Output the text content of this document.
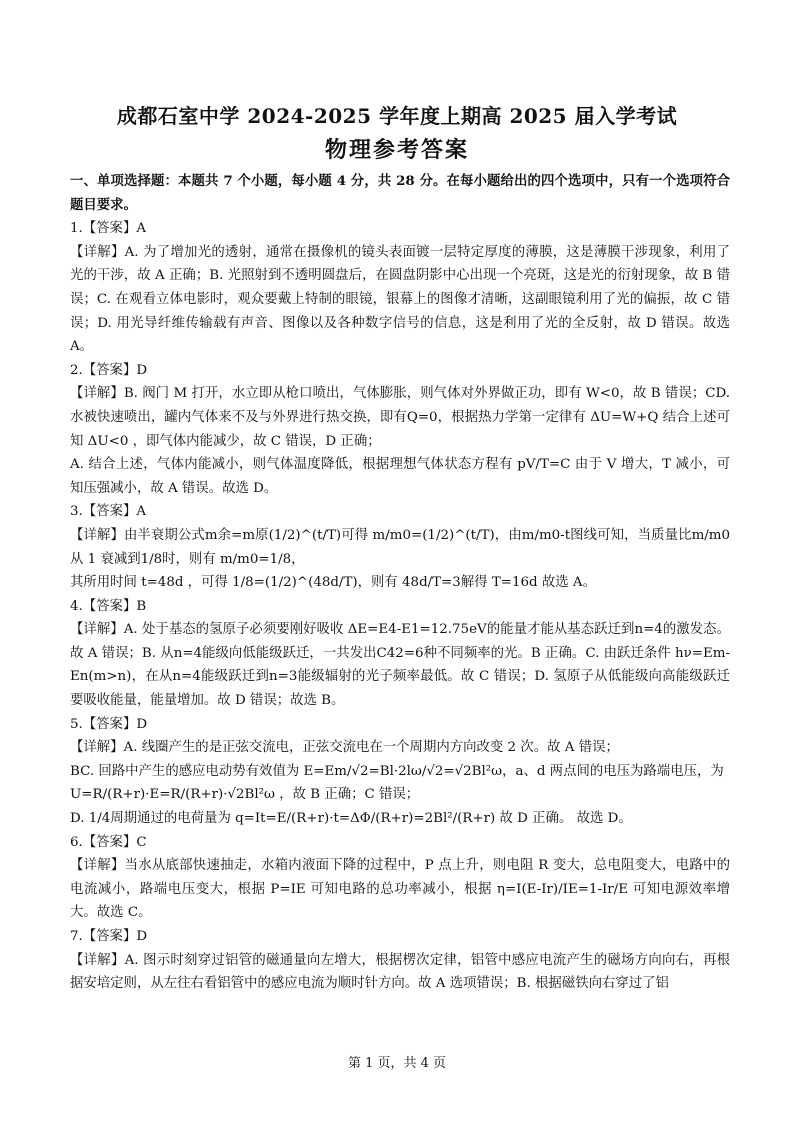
成都石室中学 2024-2025 学年度上期高 2025 届入学考试
物理参考答案

一、单项选择题：本题共 7 个小题，每小题 4 分，共 28 分。在每小题给出的四个选项中，只有一个选项符合题目要求。

1.【答案】A

【详解】A. 为了增加光的透射，通常在摄像机的镜头表面镀一层特定厚度的薄膜，这是薄膜干涉现象，利用了光的干涉，故 A 正确；B. 光照射到不透明圆盘后，在圆盘阴影中心出现一个亮斑，这是光的衍射现象，故 B 错误；C. 在观看立体电影时，观众要戴上特制的眼镜，银幕上的图像才清晰，这副眼镜利用了光的偏振，故 C 错误；D. 用光导纤维传输载有声音、图像以及各种数字信号的信息，这是利用了光的全反射，故 D 错误。故选 A。

2.【答案】D

【详解】B. 阀门 M 打开，水立即从枪口喷出，气体膨胀，则气体对外界做正功，即有 W<0，故 B 错误；CD. 水被快速喷出，罐内气体来不及与外界进行热交换，即有Q=0，根据热力学第一定律有 ΔU=W+Q 结合上述可知 ΔU<0 ，即气体内能减少，故 C 错误，D 正确；

A. 结合上述，气体内能减小，则气体温度降低，根据理想气体状态方程有 pV/T=C 由于 V 增大，T 减小，可知压强减小，故 A 错误。故选 D。

3.【答案】A

【详解】由半衰期公式m余=m原(1/2)^(t/T)可得 m/m0=(1/2)^(t/T)，由m/m0-t图线可知，当质量比m/m0从 1 衰减到1/8时，则有 m/m0=1/8，

其所用时间 t=48d ，可得 1/8=(1/2)^(48d/T)，则有 48d/T=3解得 T=16d 故选 A。

4.【答案】B

【详解】A. 处于基态的氢原子必须要刚好吸收 ΔE=E4-E1=12.75eV的能量才能从基态跃迁到n=4的激发态。故 A 错误；B. 从n=4能级向低能级跃迁，一共发出C42=6种不同频率的光。B 正确。C. 由跃迁条件 hν=Em-En(m>n)，在从n=4能级跃迁到n=3能级辐射的光子频率最低。故 C 错误；D. 氢原子从低能级向高能级跃迁要吸收能量，能量增加。故 D 错误；故选 B。

5.【答案】D

【详解】A. 线圈产生的是正弦交流电，正弦交流电在一个周期内方向改变 2 次。故 A 错误；

BC. 回路中产生的感应电动势有效值为 E=Em/√2=Bl·2lω/√2=√2Bl²ω，a、d 两点间的电压为路端电压，为

U=R/(R+r)·E=R/(R+r)·√2Bl²ω ，故 B 正确；C 错误；

D. 1/4周期通过的电荷量为 q=It=E/(R+r)·t=ΔΦ/(R+r)=2Bl²/(R+r) 故 D 正确。 故选 D。

6.【答案】C

【详解】当水从底部快速抽走，水箱内液面下降的过程中，P 点上升，则电阻 R 变大，总电阻变大，电路中的电流减小，路端电压变大，根据 P=IE 可知电路的总功率减小，根据 η=I(E-Ir)/IE=1-Ir/E 可知电源效率增大。故选 C。

7.【答案】D

【详解】A. 图示时刻穿过铝管的磁通量向左增大，根据楞次定律，铝管中感应电流产生的磁场方向向右，再根据安培定则，从左往右看铝管中的感应电流为顺时针方向。故 A 选项错误；B. 根据磁铁向右穿过了铝

第 1 页，共 4 页
